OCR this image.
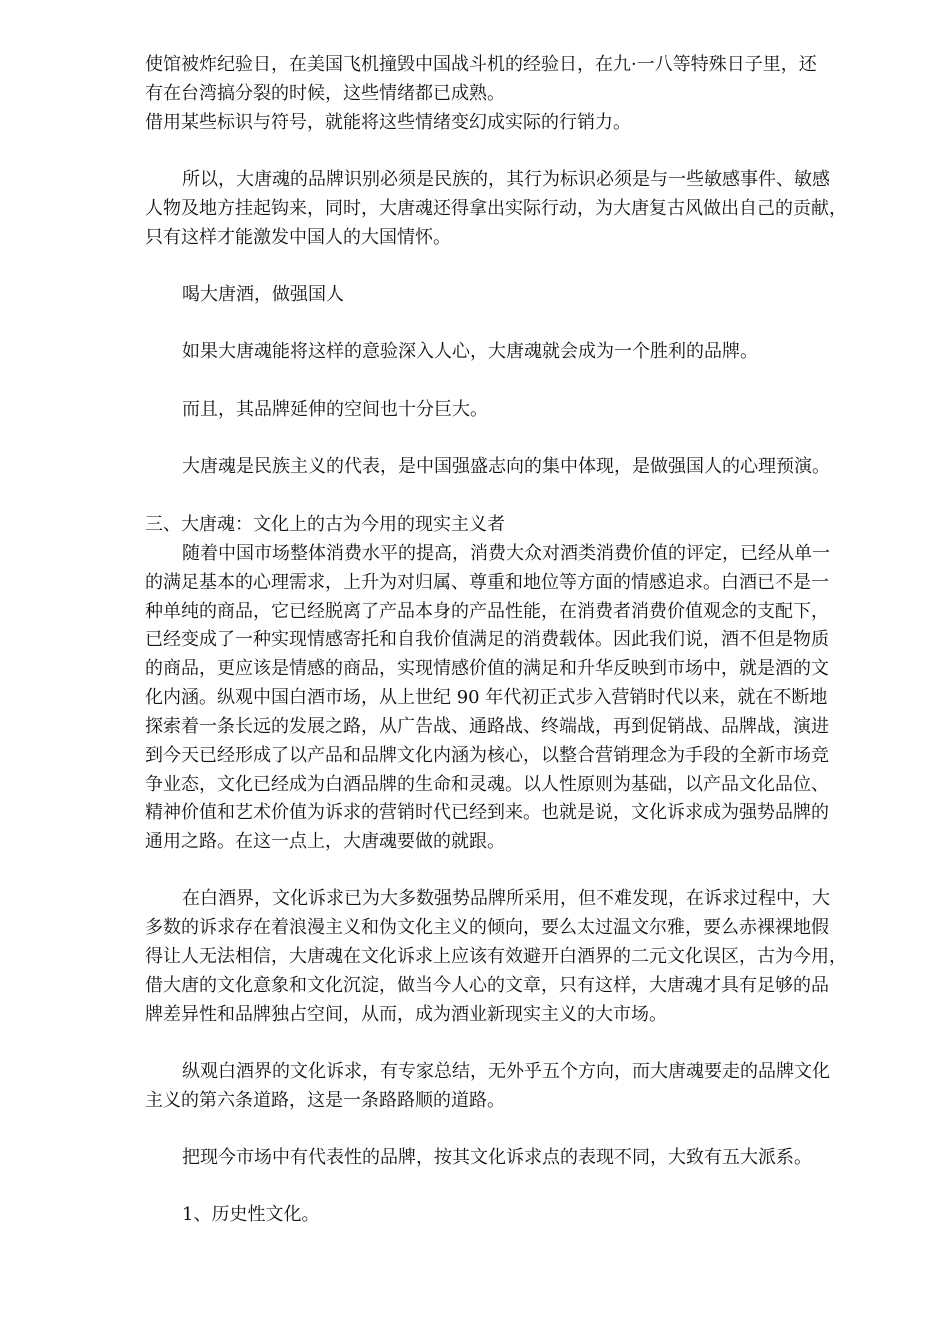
使馆被炸纪验日，在美国飞机撞毁中国战斗机的经验日，在九·一八等特殊日子里，还
有在台湾搞分裂的时候，这些情绪都已成熟。
借用某些标识与符号，就能将这些情绪变幻成实际的行销力。
所以，大唐魂的品牌识别必须是民族的，其行为标识必须是与一些敏感事件、敏感
人物及地方挂起钩来，同时，大唐魂还得拿出实际行动，为大唐复古风做出自己的贡献，
只有这样才能激发中国人的大国情怀。
喝大唐酒，做强国人
如果大唐魂能将这样的意验深入人心，大唐魂就会成为一个胜利的品牌。
而且，其品牌延伸的空间也十分巨大。
大唐魂是民族主义的代表，是中国强盛志向的集中体现，是做强国人的心理预演。
三、大唐魂：文化上的古为今用的现实主义者
随着中国市场整体消费水平的提高，消费大众对酒类消费价值的评定，已经从单一
的满足基本的心理需求，上升为对归属、尊重和地位等方面的情感追求。白酒已不是一
种单纯的商品，它已经脱离了产品本身的产品性能，在消费者消费价值观念的支配下，
已经变成了一种实现情感寄托和自我价值满足的消费载体。因此我们说，酒不但是物质
的商品，更应该是情感的商品，实现情感价值的满足和升华反映到市场中，就是酒的文
化内涵。纵观中国白酒市场，从上世纪 90 年代初正式步入营销时代以来，就在不断地
探索着一条长远的发展之路，从广告战、通路战、终端战，再到促销战、品牌战，演进
到今天已经形成了以产品和品牌文化内涵为核心，以整合营销理念为手段的全新市场竞
争业态，文化已经成为白酒品牌的生命和灵魂。以人性原则为基础，以产品文化品位、
精神价值和艺术价值为诉求的营销时代已经到来。也就是说，文化诉求成为强势品牌的
通用之路。在这一点上，大唐魂要做的就跟。
在白酒界，文化诉求已为大多数强势品牌所采用，但不难发现，在诉求过程中，大
多数的诉求存在着浪漫主义和伪文化主义的倾向，要么太过温文尔雅，要么赤裸裸地假
得让人无法相信，大唐魂在文化诉求上应该有效避开白酒界的二元文化误区，古为今用，
借大唐的文化意象和文化沉淀，做当今人心的文章，只有这样，大唐魂才具有足够的品
牌差异性和品牌独占空间，从而，成为酒业新现实主义的大市场。
纵观白酒界的文化诉求，有专家总结，无外乎五个方向，而大唐魂要走的品牌文化
主义的第六条道路，这是一条路路顺的道路。
把现今市场中有代表性的品牌，按其文化诉求点的表现不同，大致有五大派系。
1、历史性文化。
